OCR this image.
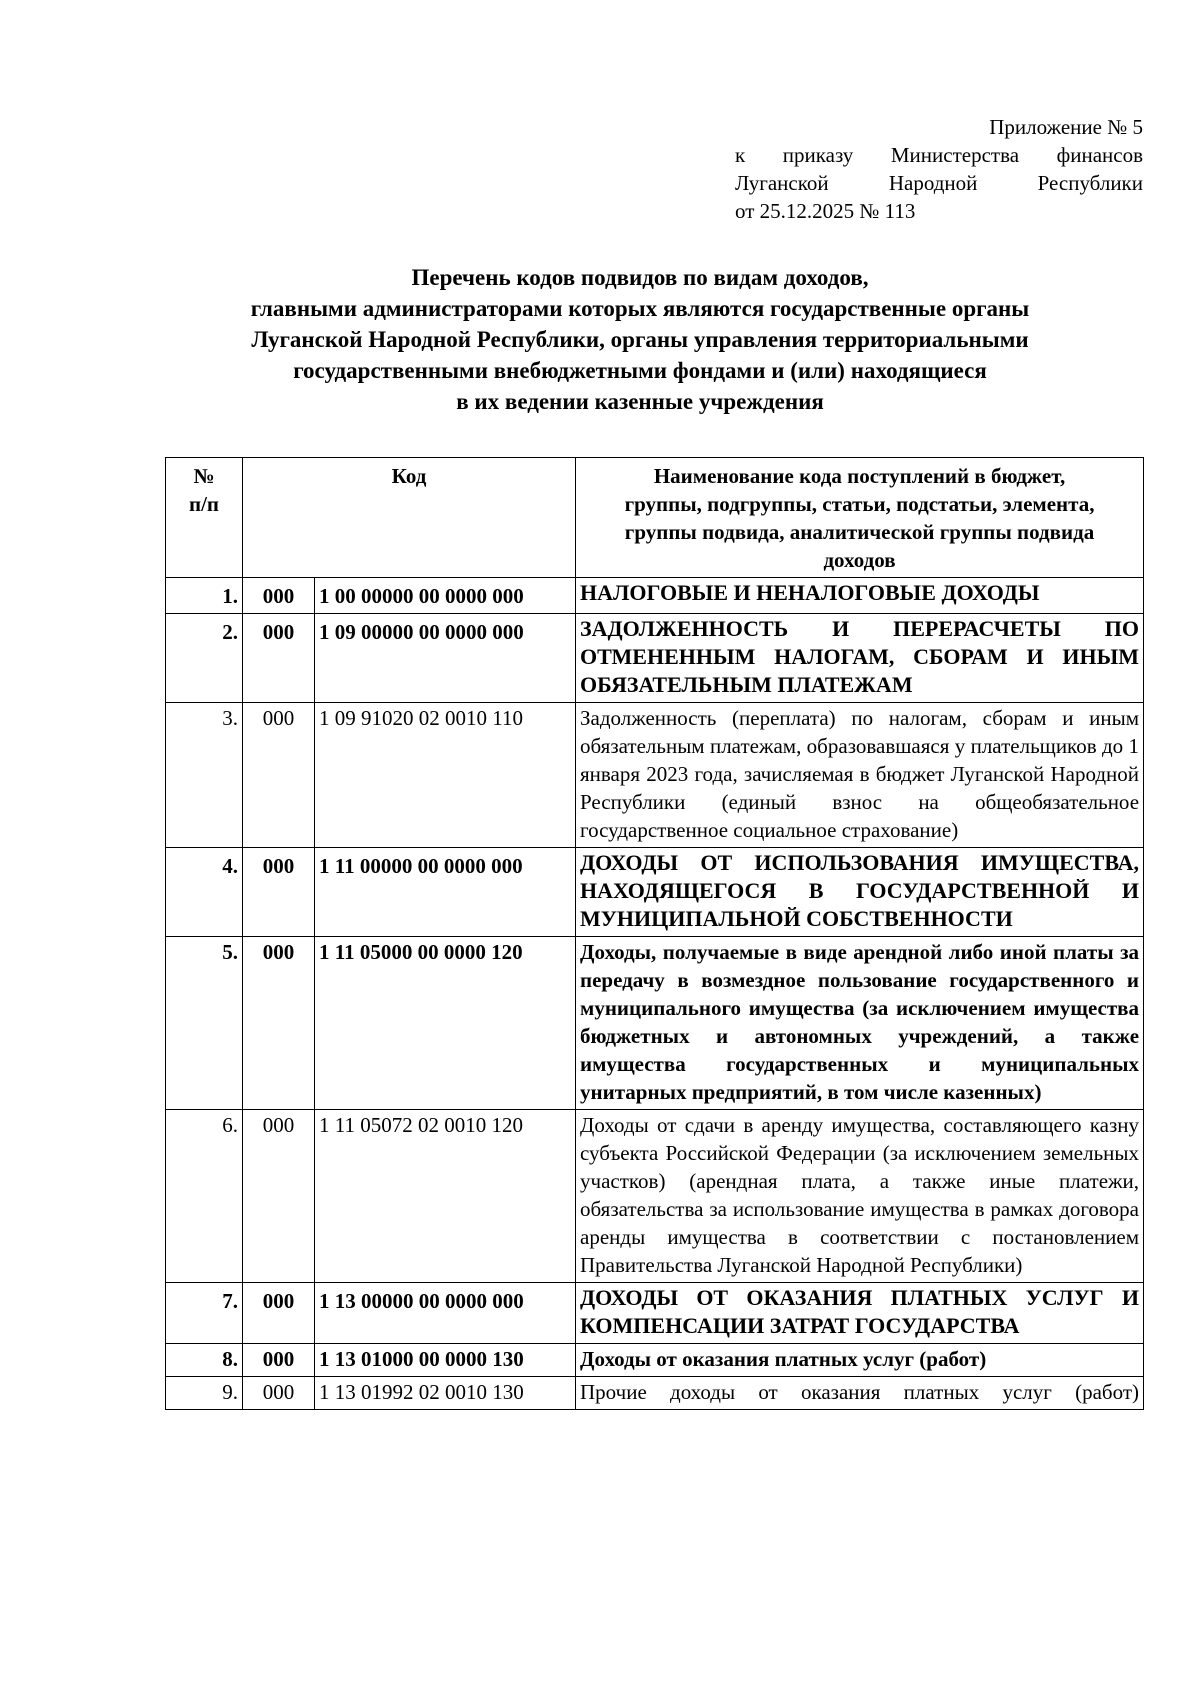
Приложение № 5
к приказу Министерства финансов
Луганской Народной Республики
от 25.12.2025 № 113
Перечень кодов подвидов по видам доходов,
главными администраторами которых являются государственные органы
Луганской Народной Республики, органы управления территориальными
государственными внебюджетными фондами и (или) находящиеся
в их ведении казенные учреждения
№ п/п	Код		Наименование кода поступлений в бюджет, группы, подгруппы, статьи, подстатьи, элемента, группы подвида, аналитической группы подвида доходов
1.	000	1 00 00000 00 0000 000	НАЛОГОВЫЕ И НЕНАЛОГОВЫЕ ДОХОДЫ
2.	000	1 09 00000 00 0000 000	ЗАДОЛЖЕННОСТЬ И ПЕРЕРАСЧЕТЫ ПО ОТМЕНЕННЫМ НАЛОГАМ, СБОРАМ И ИНЫМ ОБЯЗАТЕЛЬНЫМ ПЛАТЕЖАМ
3.	000	1 09 91020 02 0010 110	Задолженность (переплата) по налогам, сборам и иным обязательным платежам, образовавшаяся у плательщиков до 1 января 2023 года, зачисляемая в бюджет Луганской Народной Республики (единый взнос на общеобязательное государственное социальное страхование)
4.	000	1 11 00000 00 0000 000	ДОХОДЫ ОТ ИСПОЛЬЗОВАНИЯ ИМУЩЕСТВА, НАХОДЯЩЕГОСЯ В ГОСУДАРСТВЕННОЙ И МУНИЦИПАЛЬНОЙ СОБСТВЕННОСТИ
5.	000	1 11 05000 00 0000 120	Доходы, получаемые в виде арендной либо иной платы за передачу в возмездное пользование государственного и муниципального имущества (за исключением имущества бюджетных и автономных учреждений, а также имущества государственных и муниципальных унитарных предприятий, в том числе казенных)
6.	000	1 11 05072 02 0010 120	Доходы от сдачи в аренду имущества, составляющего казну субъекта Российской Федерации (за исключением земельных участков) (арендная плата, а также иные платежи, обязательства за использование имущества в рамках договора аренды имущества в соответствии с постановлением Правительства Луганской Народной Республики)
7.	000	1 13 00000 00 0000 000	ДОХОДЫ ОТ ОКАЗАНИЯ ПЛАТНЫХ УСЛУГ И КОМПЕНСАЦИИ ЗАТРАТ ГОСУДАРСТВА
8.	000	1 13 01000 00 0000 130	Доходы от оказания платных услуг (работ)
9.	000	1 13 01992 02 0010 130	Прочие доходы от оказания платных услуг (работ)
